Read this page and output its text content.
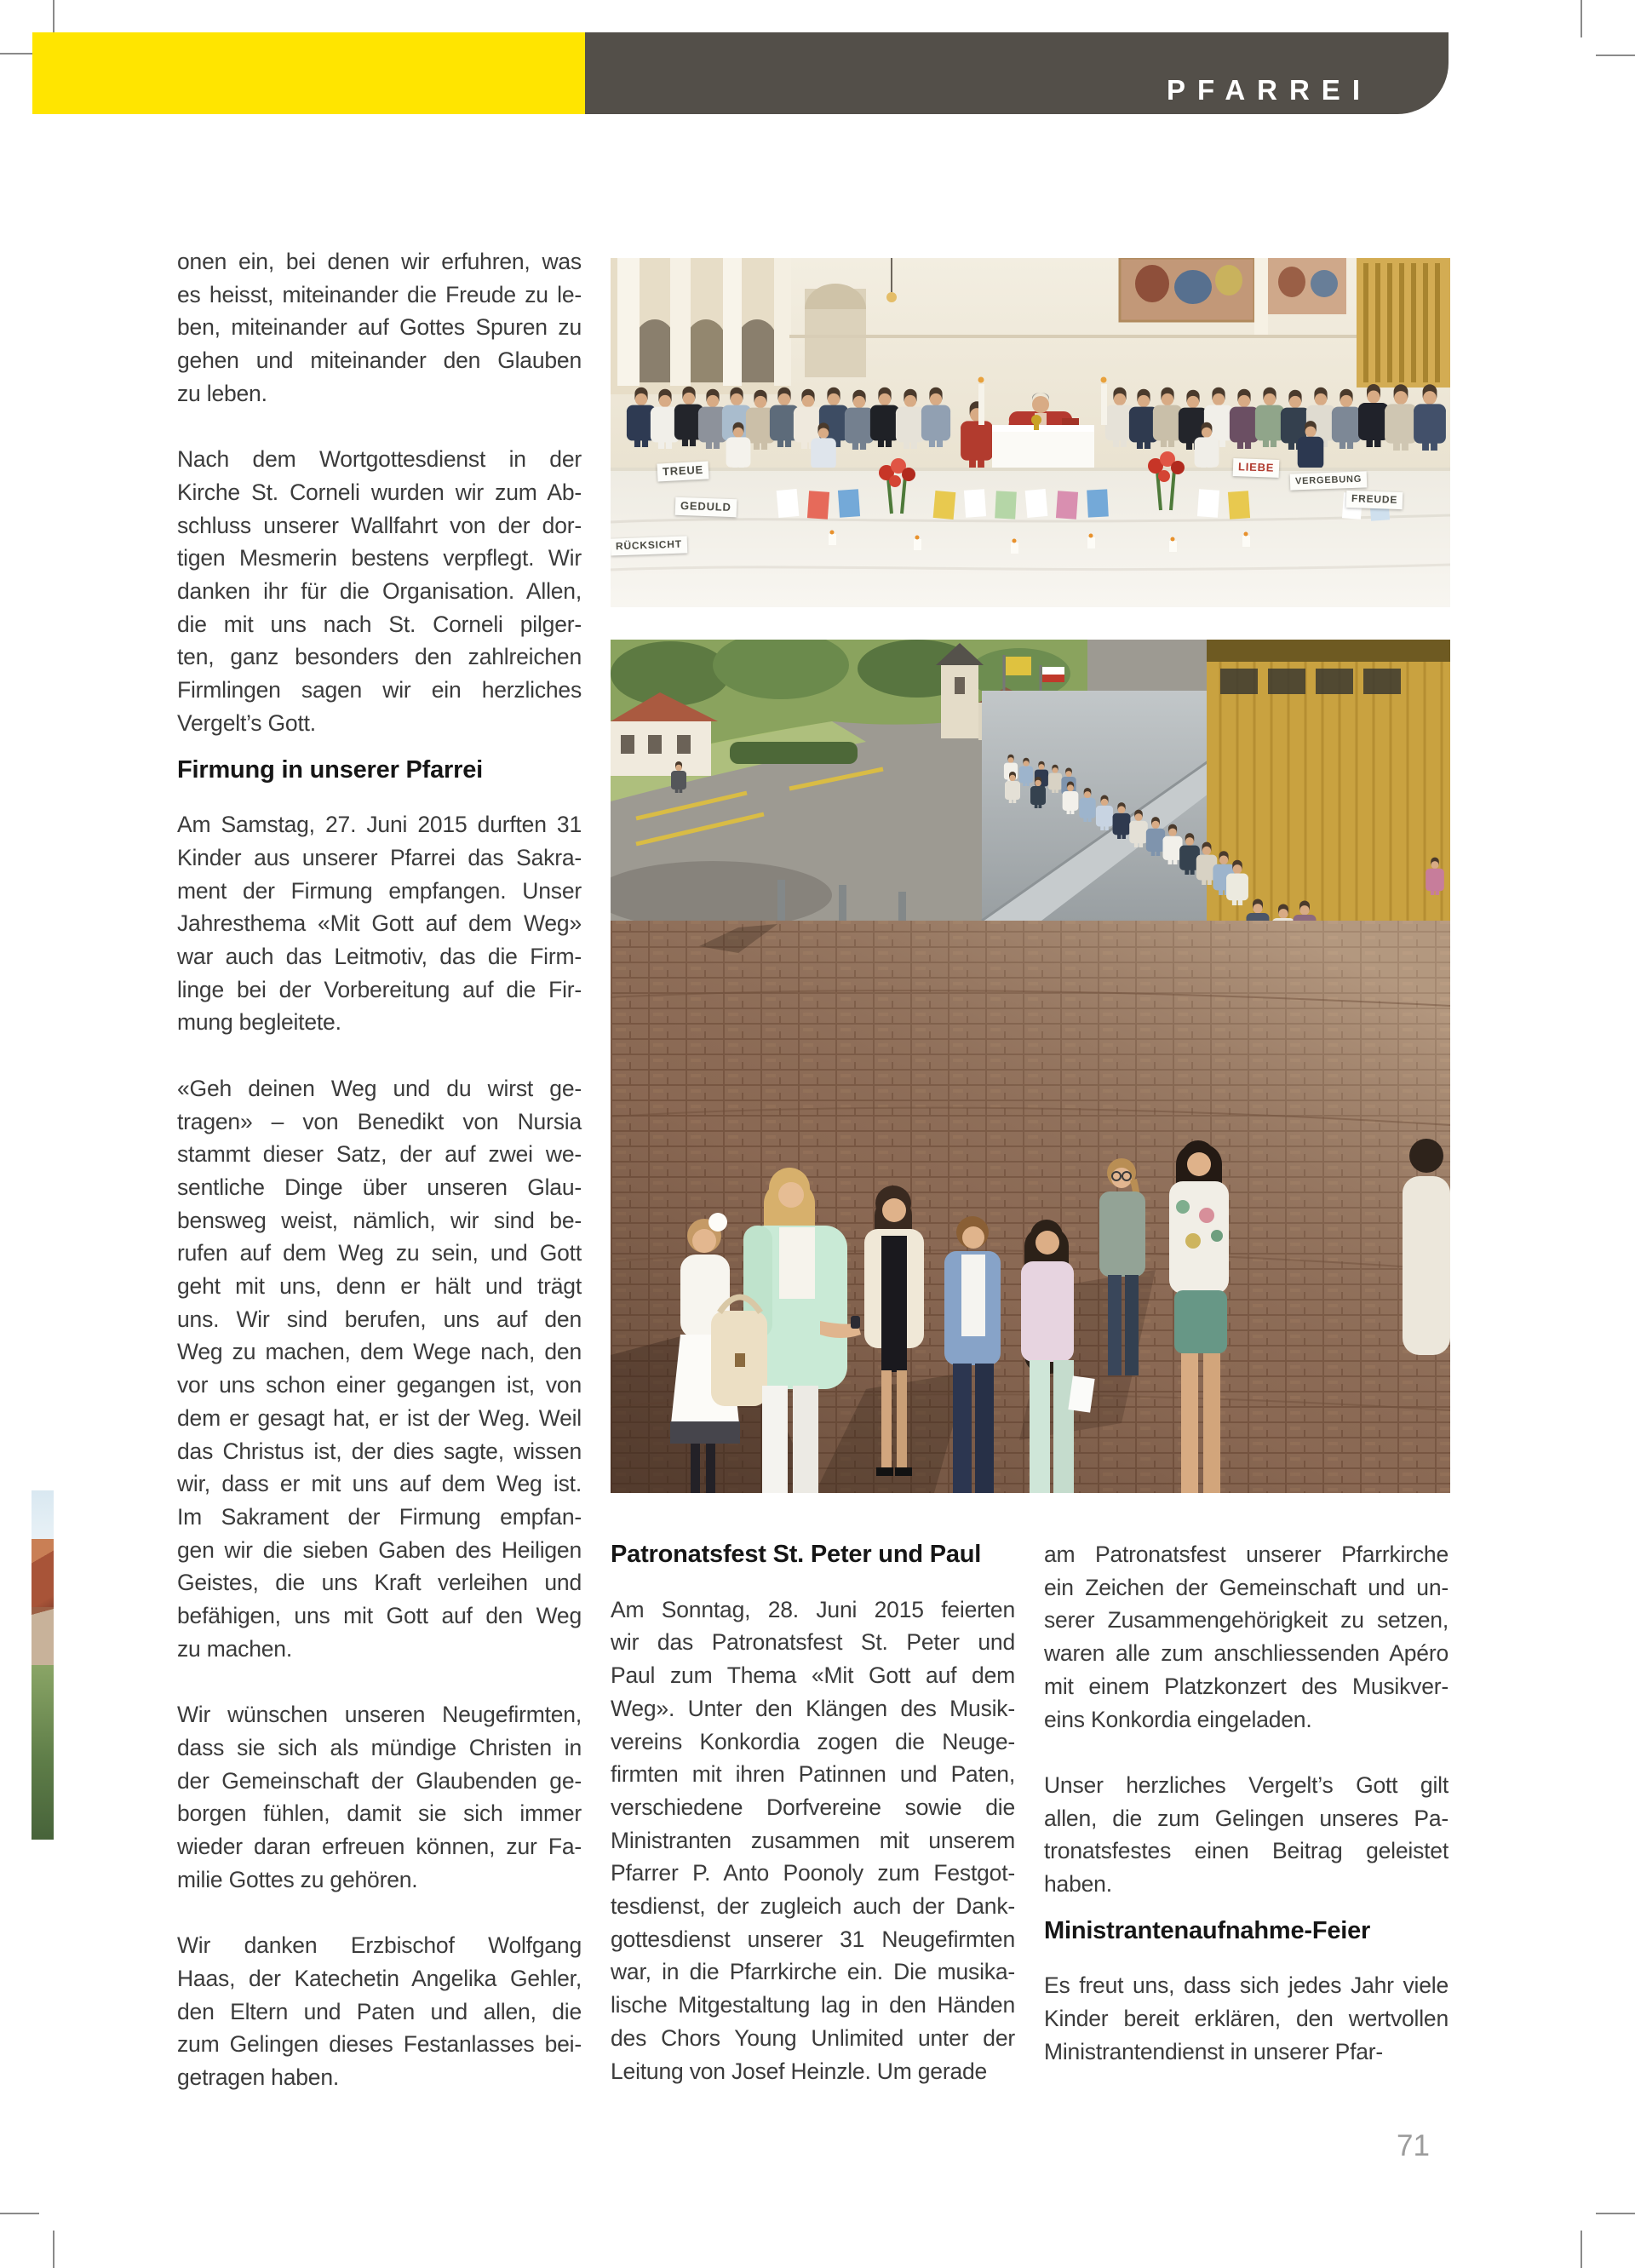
PFARREI
TREUE
GEDULD
RÜCKSICHT
LIEBE
VERGEBUNG
FREUDE
onen ein, bei denen wir erfuhren, was
es heisst, miteinander die Freude zu le-
ben, miteinander auf Gottes Spuren zu
gehen und miteinander den Glauben
zu leben.
Nach dem Wortgottesdienst in der
Kirche St. Corneli wurden wir zum Ab-
schluss unserer Wallfahrt von der dor-
tigen Mesmerin bestens verpflegt. Wir
danken ihr für die Organisation. Allen,
die mit uns nach St. Corneli pilger-
ten, ganz besonders den zahlreichen
Firmlingen sagen wir ein herzliches
Vergelt’s Gott.
Firmung in unserer Pfarrei
Am Samstag, 27. Juni 2015 durften 31
Kinder aus unserer Pfarrei das Sakra-
ment der Firmung empfangen. Unser
Jahresthema «Mit Gott auf dem Weg»
war auch das Leitmotiv, das die Firm-
linge bei der Vorbereitung auf die Fir-
mung begleitete.
«Geh deinen Weg und du wirst ge-
tragen» – von Benedikt von Nursia
stammt dieser Satz, der auf zwei we-
sentliche Dinge über unseren Glau-
bensweg weist, nämlich, wir sind be-
rufen auf dem Weg zu sein, und Gott
geht mit uns, denn er hält und trägt
uns. Wir sind berufen, uns auf den
Weg zu machen, dem Wege nach, den
vor uns schon einer gegangen ist, von
dem er gesagt hat, er ist der Weg. Weil
das Christus ist, der dies sagte, wissen
wir, dass er mit uns auf dem Weg ist.
Im Sakrament der Firmung empfan-
gen wir die sieben Gaben des Heiligen
Geistes, die uns Kraft verleihen und
befähigen, uns mit Gott auf den Weg
zu machen.
Wir wünschen unseren Neugefirmten,
dass sie sich als mündige Christen in
der Gemeinschaft der Glaubenden ge-
borgen fühlen, damit sie sich immer
wieder daran erfreuen können, zur Fa-
milie Gottes zu gehören.
Wir danken Erzbischof Wolfgang
Haas, der Katechetin Angelika Gehler,
den Eltern und Paten und allen, die
zum Gelingen dieses Festanlasses bei-
getragen haben.
Patronatsfest St. Peter und Paul
Am Sonntag, 28. Juni 2015 feierten
wir das Patronatsfest St. Peter und
Paul zum Thema «Mit Gott auf dem
Weg». Unter den Klängen des Musik-
vereins Konkordia zogen die Neuge-
firmten mit ihren Patinnen und Paten,
verschiedene Dorfvereine sowie die
Ministranten zusammen mit unserem
Pfarrer P. Anto Poonoly zum Festgot-
tesdienst, der zugleich auch der Dank-
gottesdienst unserer 31 Neugefirmten
war, in die Pfarrkirche ein. Die musika-
lische Mitgestaltung lag in den Händen
des Chors Young Unlimited unter der
Leitung von Josef Heinzle. Um gerade
am Patronatsfest unserer Pfarrkirche
ein Zeichen der Gemeinschaft und un-
serer Zusammengehörigkeit zu setzen,
waren alle zum anschliessenden Apéro
mit einem Platzkonzert des Musikver-
eins Konkordia eingeladen.
Unser herzliches Vergelt’s Gott gilt
allen, die zum Gelingen unseres Pa-
tronatsfestes einen Beitrag geleistet
haben.
Ministrantenaufnahme-Feier
Es freut uns, dass sich jedes Jahr viele
Kinder bereit erklären, den wertvollen
Ministrantendienst in unserer Pfar-
71
